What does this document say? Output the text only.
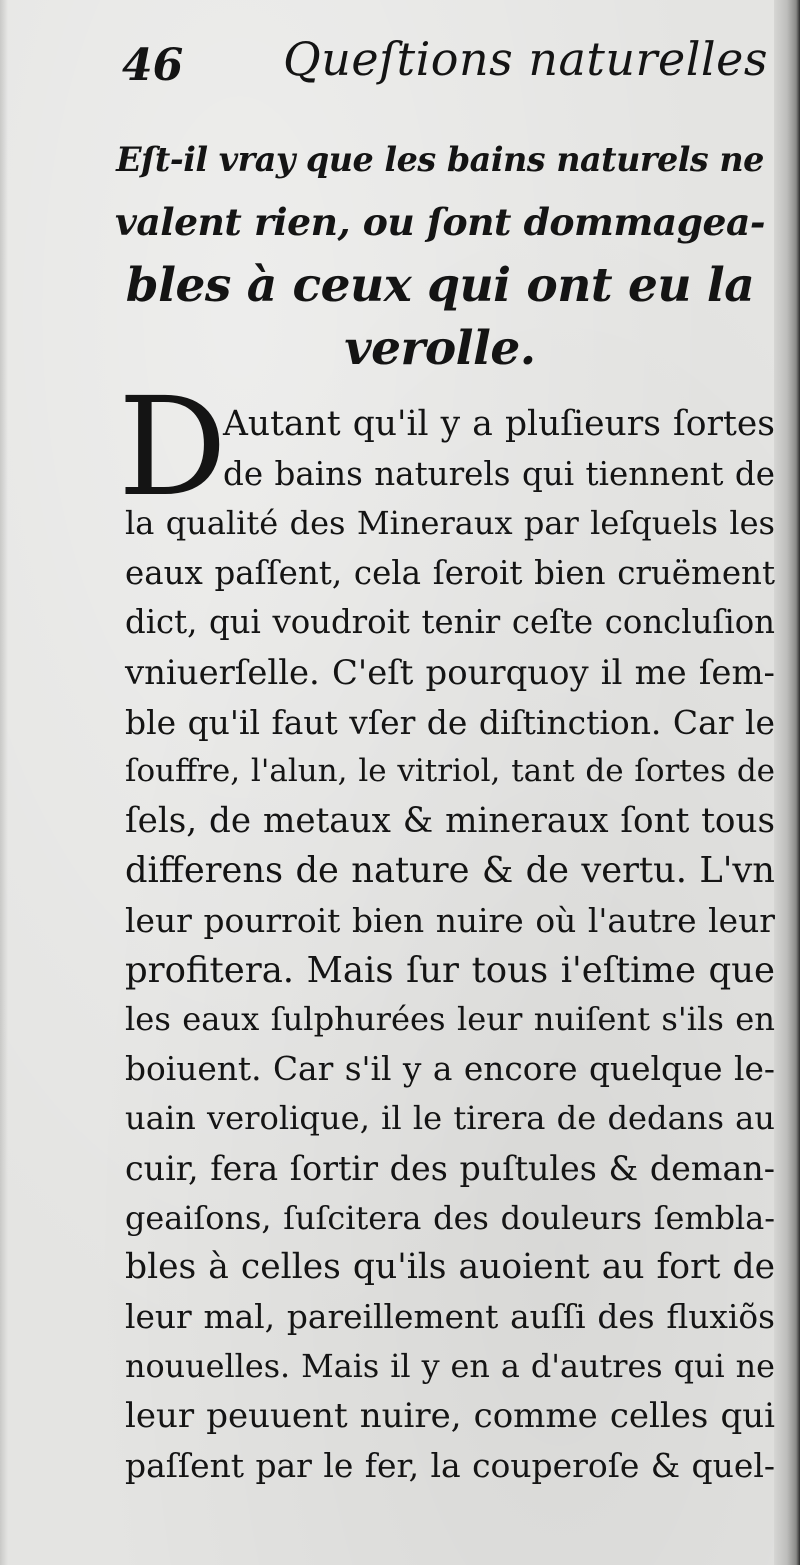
46 Queſtions naturelles
Eſt-il vray que les bains naturels ne
valent rien, ou ſont dommagea-
bles à ceux qui ont eu la
verolle.
D
Autant qu'il y a pluſieurs ſortes
de bains naturels qui tiennent de
la qualité des Mineraux par leſquels les
eaux paſſent, cela ſeroit bien cruëment
dict, qui voudroit tenir ceſte concluſion
vniuerſelle. C'eſt pourquoy il me ſem-
ble qu'il faut vſer de diſtinction. Car le
ſouffre, l'alun, le vitriol, tant de ſortes de
ſels, de metaux & mineraux ſont tous
differens de nature & de vertu. L'vn
leur pourroit bien nuire où l'autre leur
profitera. Mais ſur tous i'eſtime que
les eaux ſulphurées leur nuiſent s'ils en
boiuent. Car s'il y a encore quelque le-
uain verolique, il le tirera de dedans au
cuir, fera ſortir des puſtules & deman-
geaiſons, ſuſcitera des douleurs ſembla-
bles à celles qu'ils auoient au fort de
leur mal, pareillement auſſi des fluxiõs
nouuelles. Mais il y en a d'autres qui ne
leur peuuent nuire, comme celles qui
paſſent par le fer, la couperoſe & quel-
